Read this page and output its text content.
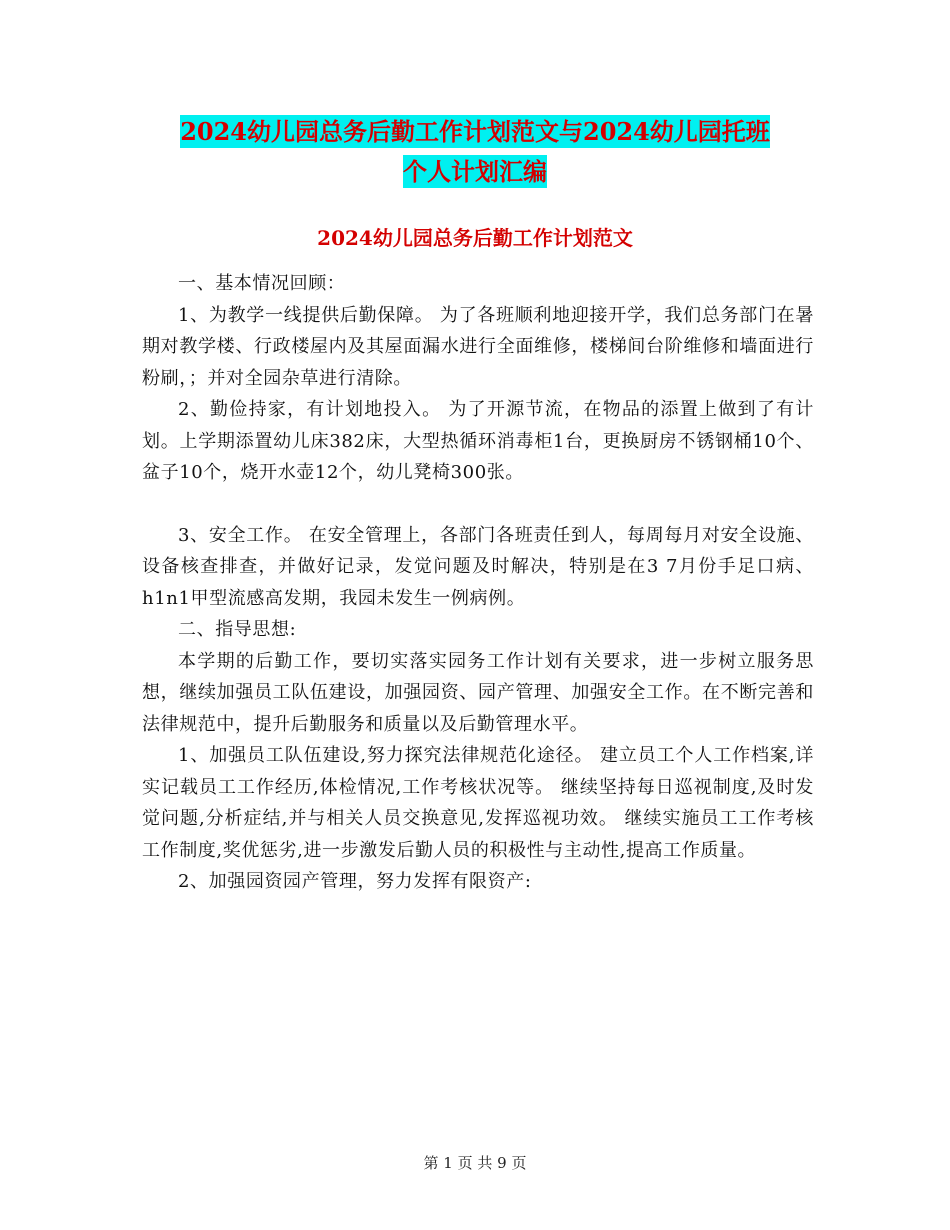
2024幼儿园总务后勤工作计划范文与2024幼儿园托班
个人计划汇编
2024幼儿园总务后勤工作计划范文

一、基本情况回顾：

1、为教学一线提供后勤保障。 为了各班顺利地迎接开学，我们总务部门在暑期对教学楼、行政楼屋内及其屋面漏水进行全面维修，楼梯间台阶维修和墙面进行粉刷，；并对全园杂草进行清除。

2、勤俭持家，有计划地投入。 为了开源节流，在物品的添置上做到了有计划。上学期添置幼儿床382床，大型热循环消毒柜1台，更换厨房不锈钢桶10个、盆子10个，烧开水壶12个，幼儿凳椅300张。

3、安全工作。 在安全管理上，各部门各班责任到人，每周每月对安全设施、设备核查排查，并做好记录，发觉问题及时解决，特别是在3 7月份手足口病、h1n1甲型流感高发期，我园未发生一例病例。

二、指导思想:

本学期的后勤工作，要切实落实园务工作计划有关要求，进一步树立服务思想，继续加强员工队伍建设，加强园资、园产管理、加强安全工作。在不断完善和法律规范中，提升后勤服务和质量以及后勤管理水平。

1、加强员工队伍建设,努力探究法律规范化途径。 建立员工个人工作档案,详实记载员工工作经历,体检情况,工作考核状况等。 继续坚持每日巡视制度,及时发觉问题,分析症结,并与相关人员交换意见,发挥巡视功效。 继续实施员工工作考核工作制度,奖优惩劣,进一步激发后勤人员的积极性与主动性,提高工作质量。

2、加强园资园产管理，努力发挥有限资产:

第 1 页 共 9 页
